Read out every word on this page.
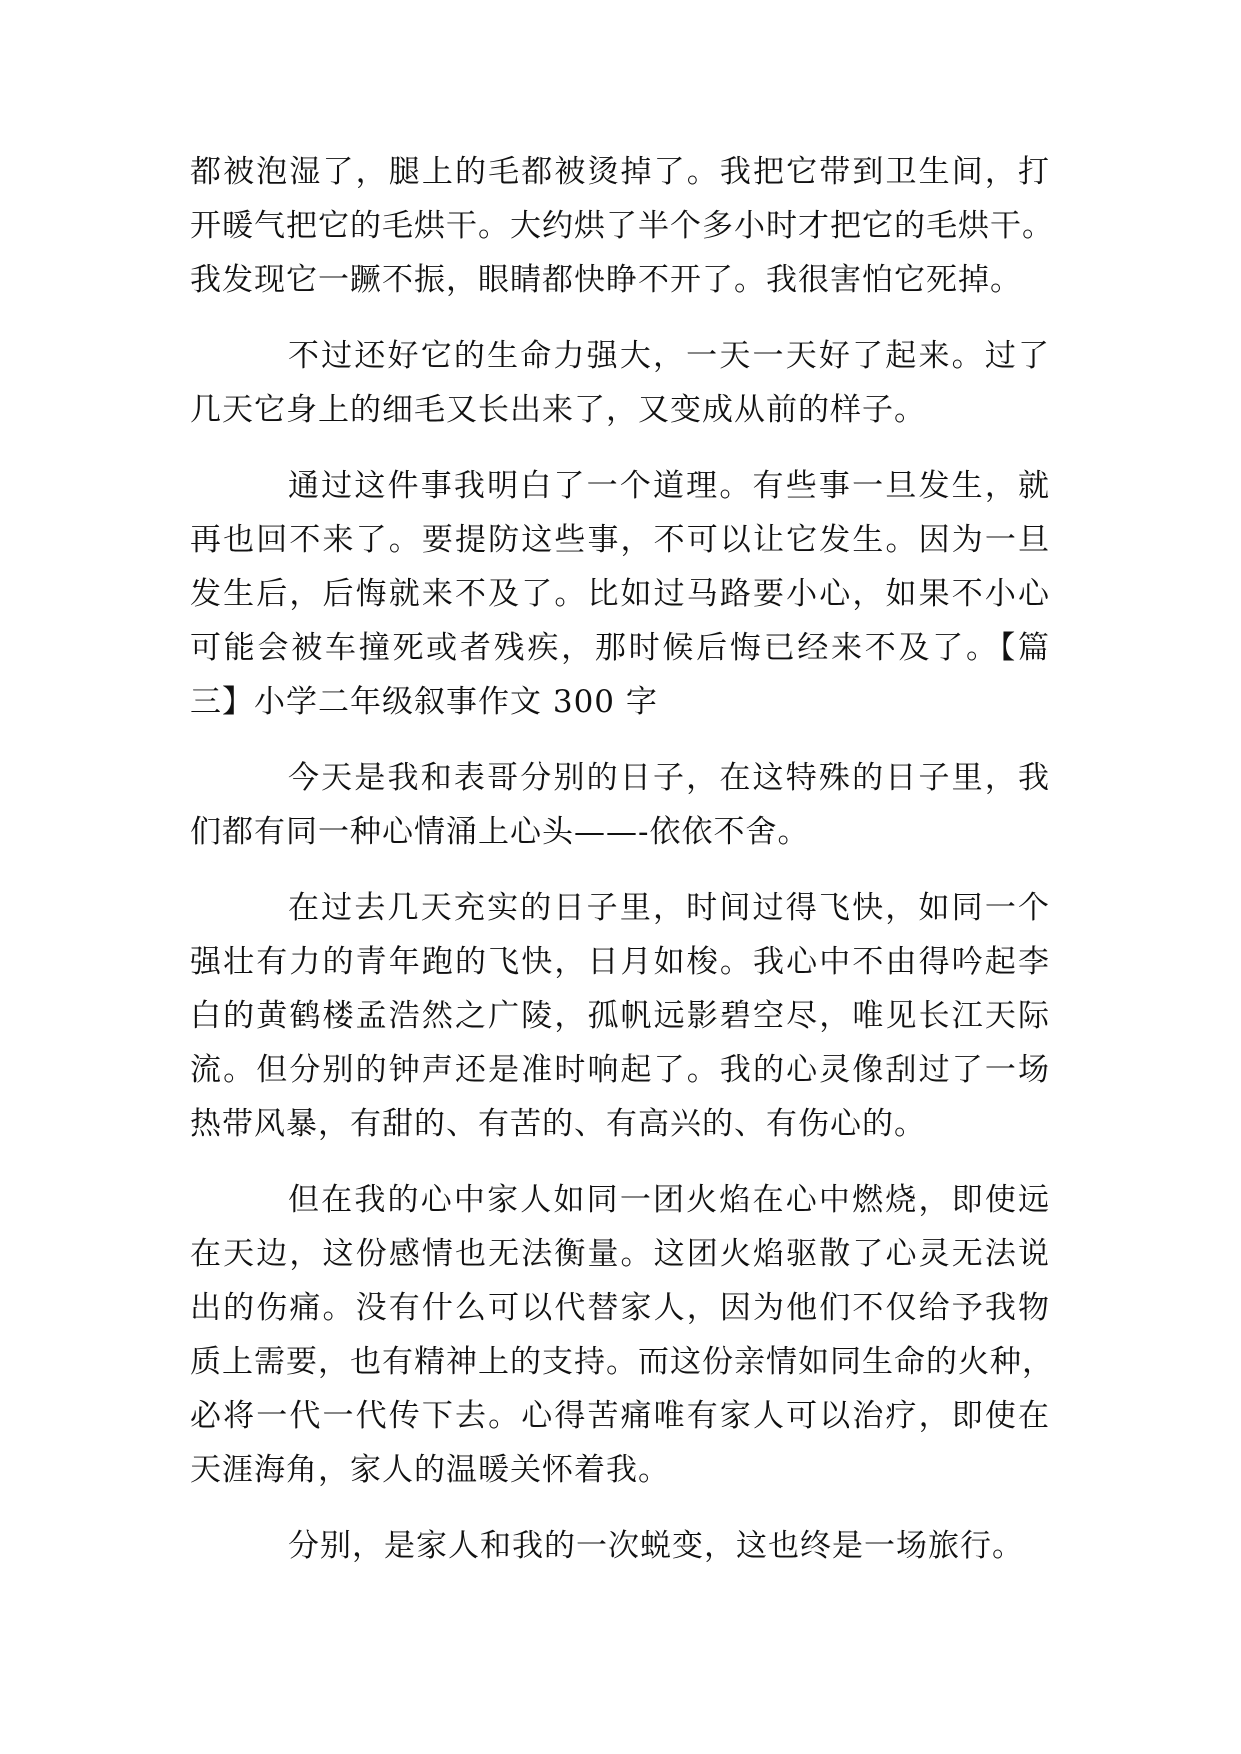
都被泡湿了，腿上的毛都被烫掉了。我把它带到卫生间，打
开暖气把它的毛烘干。大约烘了半个多小时才把它的毛烘干。
我发现它一蹶不振，眼睛都快睁不开了。我很害怕它死掉。
不过还好它的生命力强大，一天一天好了起来。过了
几天它身上的细毛又长出来了，又变成从前的样子。
通过这件事我明白了一个道理。有些事一旦发生，就
再也回不来了。要提防这些事，不可以让它发生。因为一旦
发生后，后悔就来不及了。比如过马路要小心，如果不小心
可能会被车撞死或者残疾，那时候后悔已经来不及了。【篇
三】小学二年级叙事作文 300 字
今天是我和表哥分别的日子，在这特殊的日子里，我
们都有同一种心情涌上心头——-依依不舍。
在过去几天充实的日子里，时间过得飞快，如同一个
强壮有力的青年跑的飞快，日月如梭。我心中不由得吟起李
白的黄鹤楼孟浩然之广陵，孤帆远影碧空尽，唯见长江天际
流。但分别的钟声还是准时响起了。我的心灵像刮过了一场
热带风暴，有甜的、有苦的、有高兴的、有伤心的。
但在我的心中家人如同一团火焰在心中燃烧，即使远
在天边，这份感情也无法衡量。这团火焰驱散了心灵无法说
出的伤痛。没有什么可以代替家人，因为他们不仅给予我物
质上需要，也有精神上的支持。而这份亲情如同生命的火种，
必将一代一代传下去。心得苦痛唯有家人可以治疗，即使在
天涯海角，家人的温暖关怀着我。
分别，是家人和我的一次蜕变，这也终是一场旅行。
